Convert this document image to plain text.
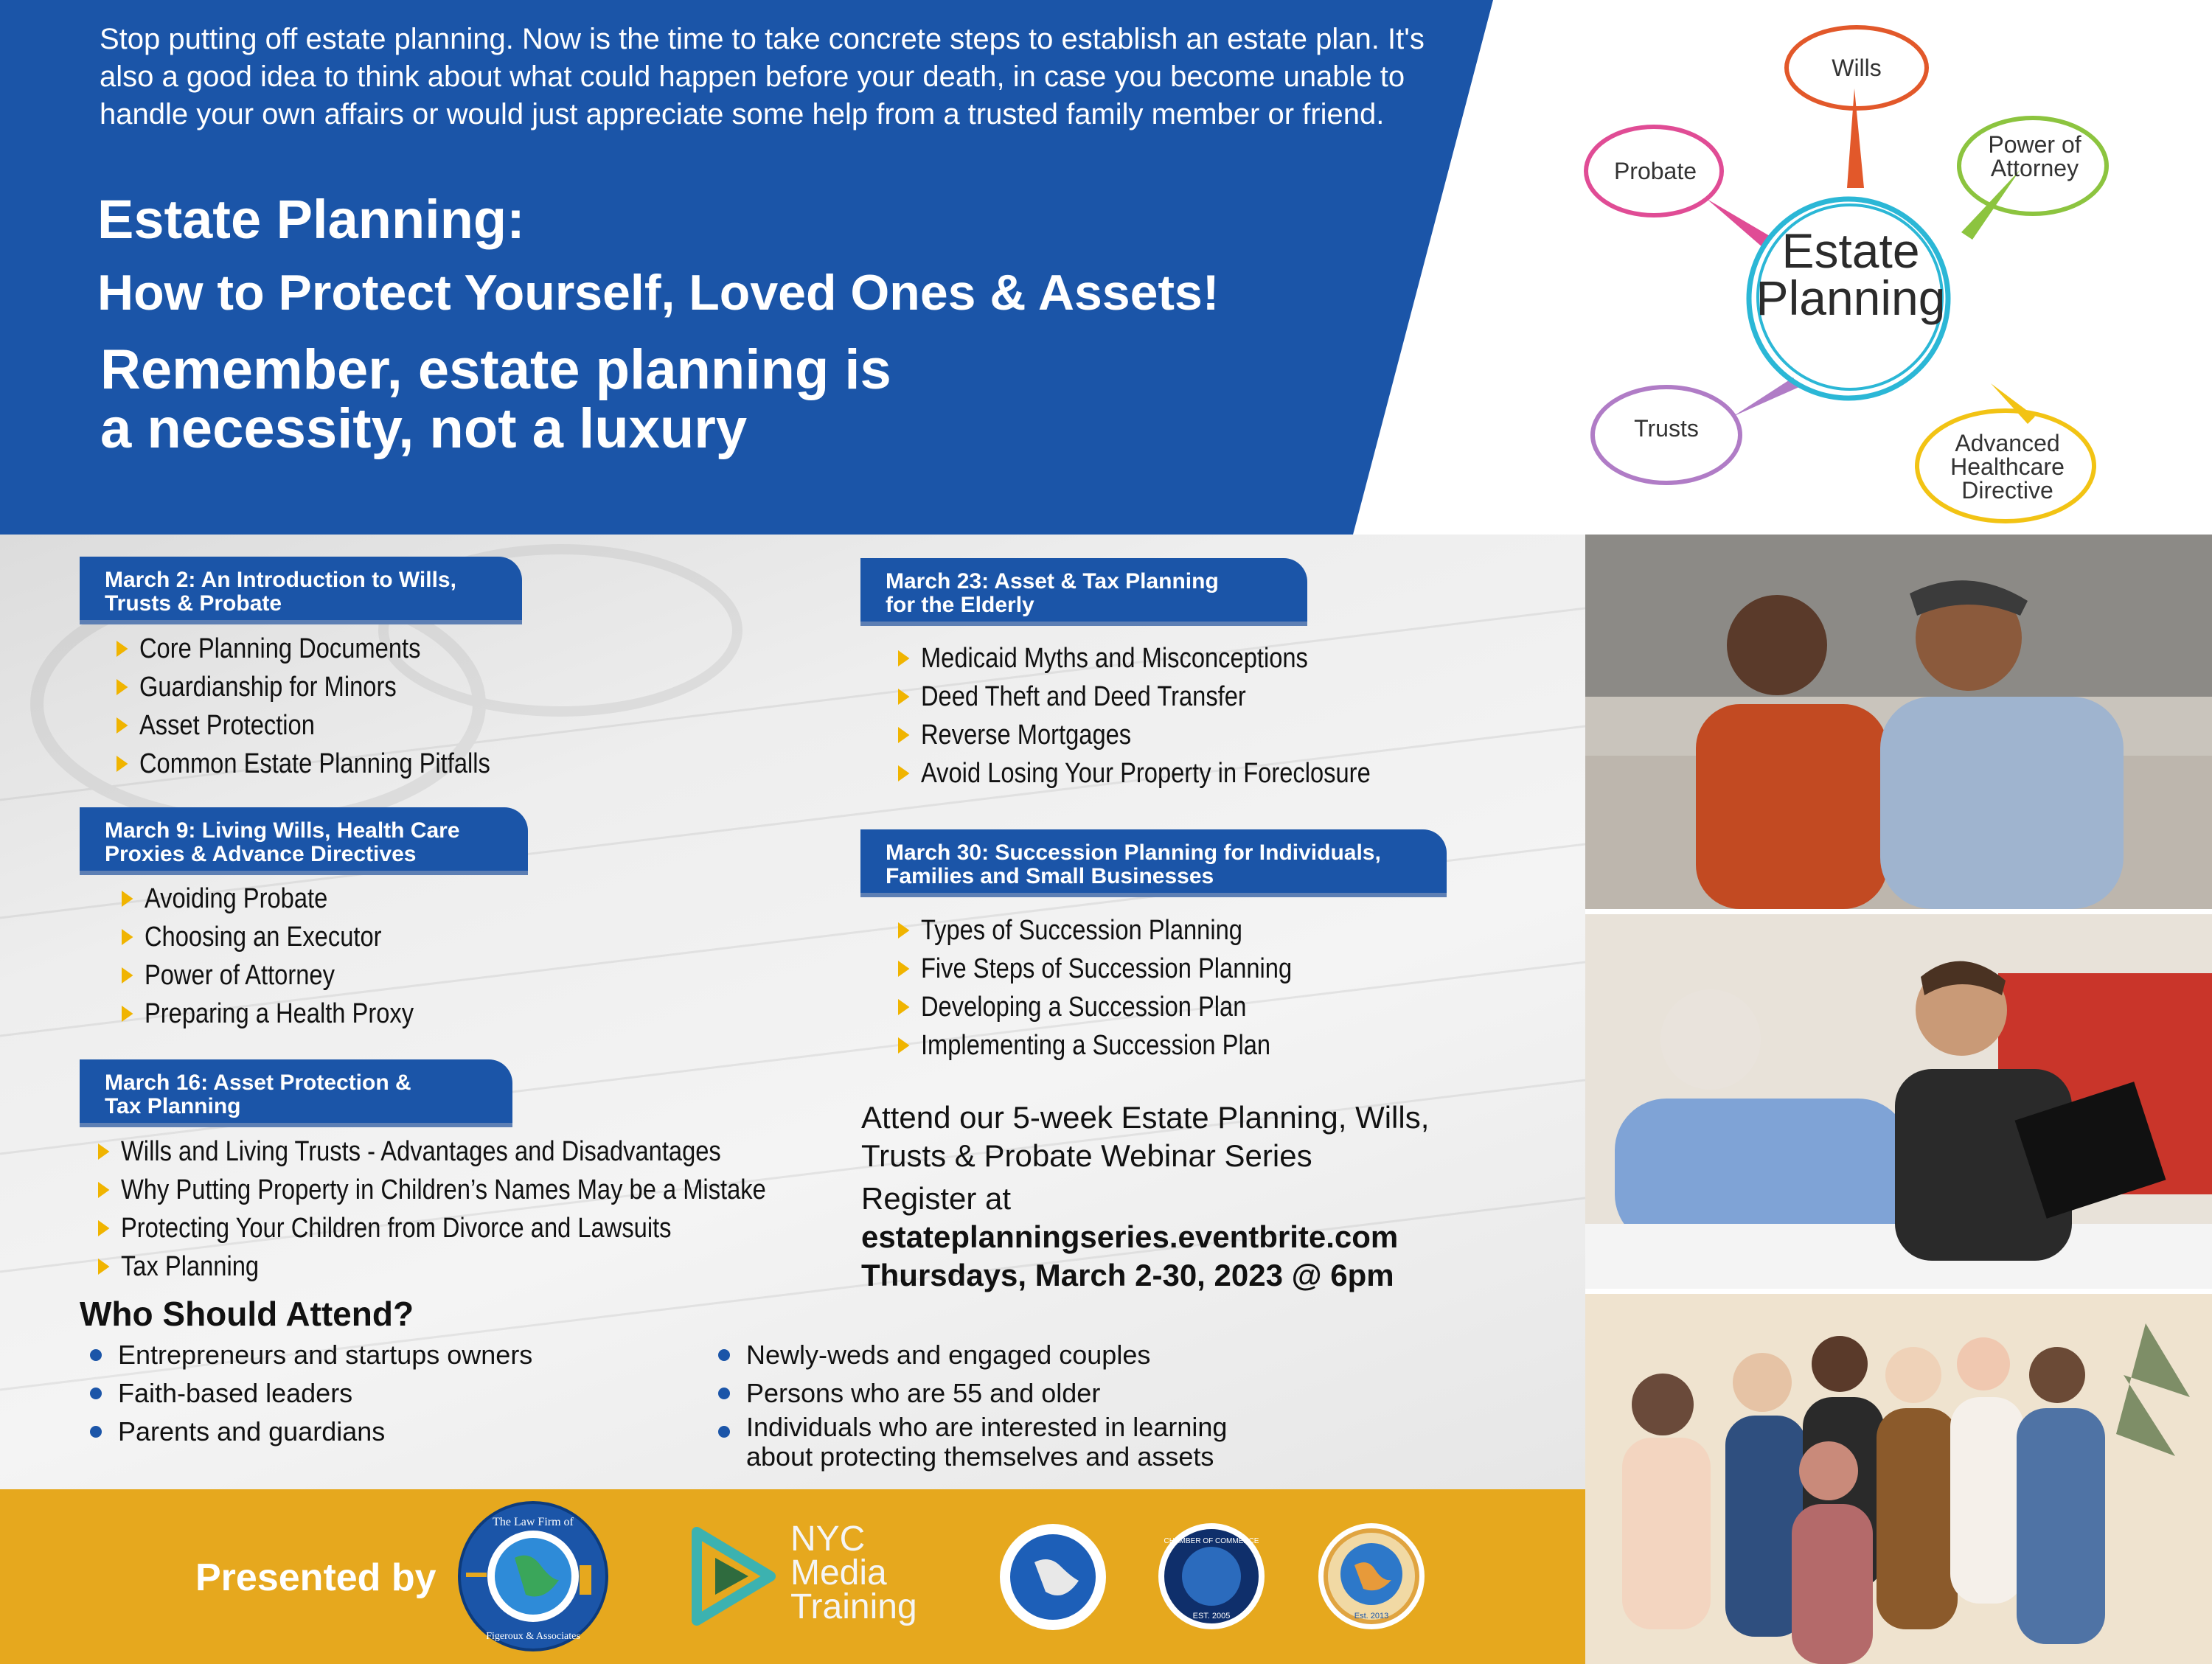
Stop putting off estate planning. Now is the time to take concrete steps to establish an estate plan. It's also a good idea to think about what could happen before your death, in case you become unable to handle your own affairs or would just appreciate some help from a trusted family member or friend.

Estate Planning:
How to Protect Yourself, Loved Ones & Assets!
Remember, estate planning is
a necessity, not a luxury
Wills
Probate
Power of
Attorney
Trusts
Advanced
Healthcare
Directive
Estate
Planning
March 2: An Introduction to Wills,
Trusts & Probate
Core Planning Documents
Guardianship for Minors
Asset Protection
Common Estate Planning Pitfalls
March 9: Living Wills, Health Care
Proxies & Advance Directives
Avoiding Probate
Choosing an Executor
Power of Attorney
Preparing a Health Proxy
March 16: Asset Protection &
Tax Planning
Wills and Living Trusts - Advantages and Disadvantages
Why Putting Property in Children’s Names May be a Mistake
Protecting Your Children from Divorce and Lawsuits
Tax Planning
March 23: Asset & Tax Planning
for the Elderly
Medicaid Myths and Misconceptions
Deed Theft and Deed Transfer
Reverse Mortgages
Avoid Losing Your Property in Foreclosure
March 30: Succession Planning for Individuals,
Families and Small Businesses
Types of Succession Planning
Five Steps of Succession Planning
Developing a Succession Plan
Implementing a Succession Plan
Attend our 5-week Estate Planning, Wills,
Trusts & Probate Webinar Series
Register at
estateplanningseries.eventbrite.com
Thursdays, March 2-30, 2023 @ 6pm
Who Should Attend?
Entrepreneurs and startups owners
Faith-based leaders
Parents and guardians
Newly-weds and engaged couples
Persons who are 55 and older
Individuals who are interested in learning
about protecting themselves and assets
Presented by
The Law Firm of
Figeroux & Associates
NYC
Media
Training
CHAMBER OF COMMERCE
EST. 2005	Est. 2013
